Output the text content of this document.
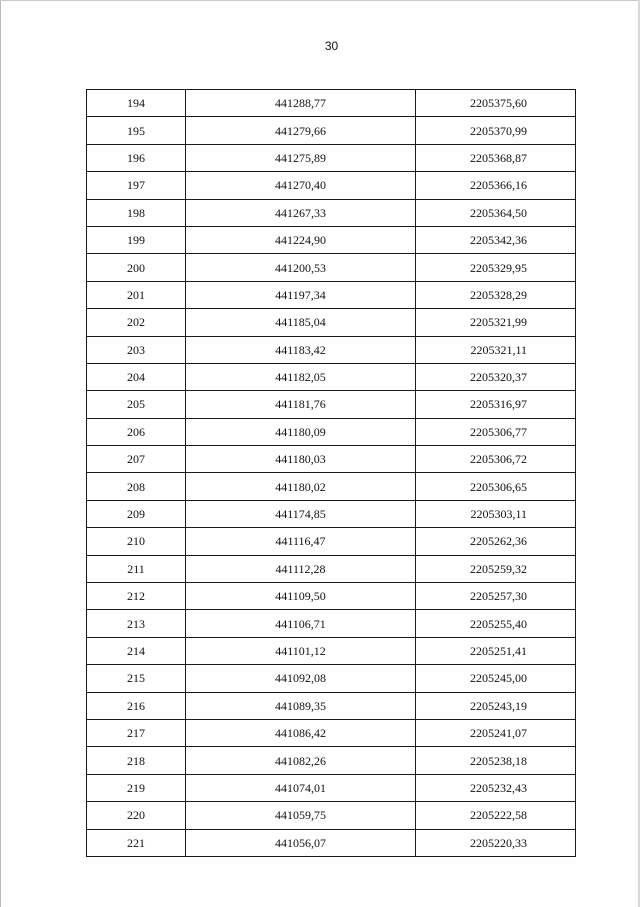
30
194	441288,77	2205375,60
195	441279,66	2205370,99
196	441275,89	2205368,87
197	441270,40	2205366,16
198	441267,33	2205364,50
199	441224,90	2205342,36
200	441200,53	2205329,95
201	441197,34	2205328,29
202	441185,04	2205321,99
203	441183,42	2205321,11
204	441182,05	2205320,37
205	441181,76	2205316,97
206	441180,09	2205306,77
207	441180,03	2205306,72
208	441180,02	2205306,65
209	441174,85	2205303,11
210	441116,47	2205262,36
211	441112,28	2205259,32
212	441109,50	2205257,30
213	441106,71	2205255,40
214	441101,12	2205251,41
215	441092,08	2205245,00
216	441089,35	2205243,19
217	441086,42	2205241,07
218	441082,26	2205238,18
219	441074,01	2205232,43
220	441059,75	2205222,58
221	441056,07	2205220,33
